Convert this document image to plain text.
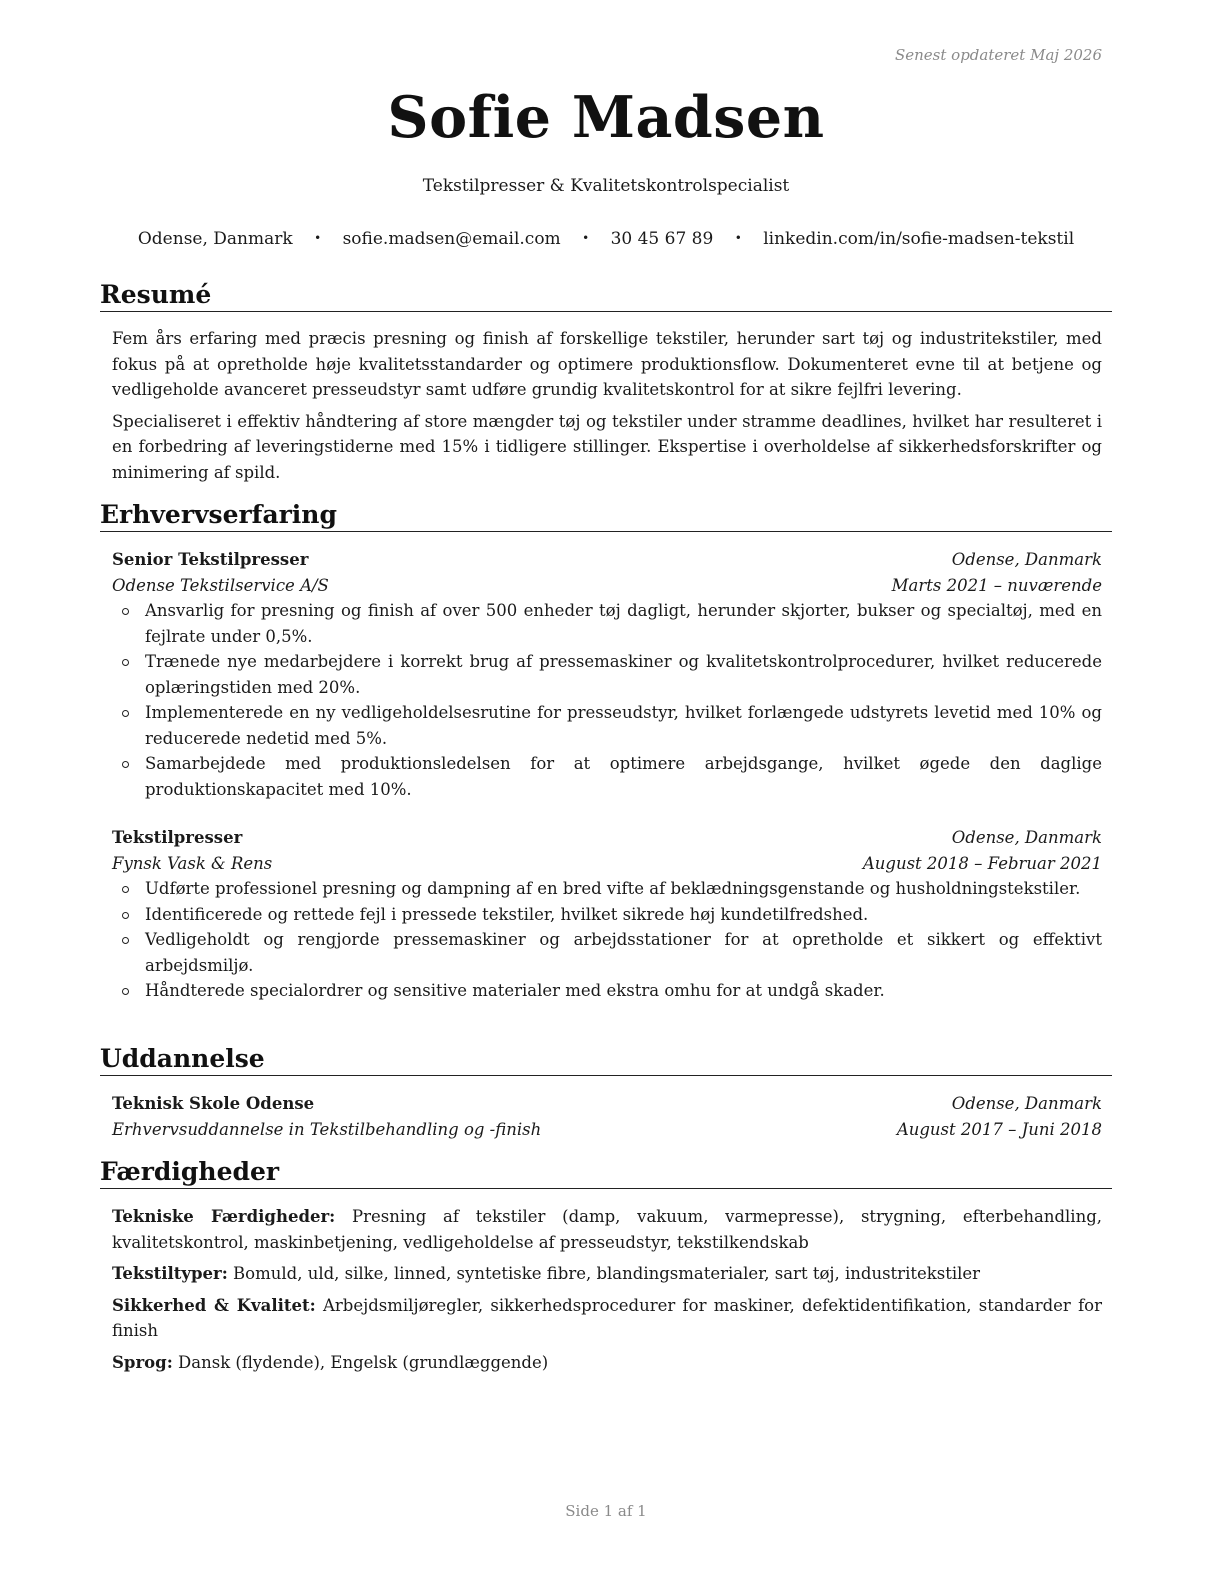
Senest opdateret Maj 2026
Sofie Madsen
Tekstilpresser & Kvalitetskontrolspecialist
Odense, Danmark • sofie.madsen@email.com • 30 45 67 89 • linkedin.com/in/sofie-madsen-tekstil
Resumé

Fem års erfaring med præcis presning og finish af forskellige tekstiler, herunder sart tøj og industritekstiler, med fokus på at opretholde høje kvalitetsstandarder og optimere produktionsflow. Dokumenteret evne til at betjene og vedligeholde avanceret presseudstyr samt udføre grundig kvalitetskontrol for at sikre fejlfri levering.

Specialiseret i effektiv håndtering af store mængder tøj og tekstiler under stramme deadlines, hvilket har resulteret i en forbedring af leveringstiderne med 15% i tidligere stillinger. Ekspertise i overholdelse af sikkerhedsforskrifter og minimering af spild.

Erhvervserfaring
Senior Tekstilpresser	Odense, Danmark
Odense Tekstilservice A/S	Marts 2021 – nuværende
Ansvarlig for presning og finish af over 500 enheder tøj dagligt, herunder skjorter, bukser og specialtøj, med en fejlrate under 0,5%.
Trænede nye medarbejdere i korrekt brug af pressemaskiner og kvalitetskontrolprocedurer, hvilket reducerede oplæringstiden med 20%.
Implementerede en ny vedligeholdelsesrutine for presseudstyr, hvilket forlængede udstyrets levetid med 10% og reducerede nedetid med 5%.
Samarbejdede med produktionsledelsen for at optimere arbejdsgange, hvilket øgede den daglige produktionskapacitet med 10%.
Tekstilpresser	Odense, Danmark
Fynsk Vask & Rens	August 2018 – Februar 2021
Udførte professionel presning og dampning af en bred vifte af beklædningsgenstande og husholdningstekstiler.
Identificerede og rettede fejl i pressede tekstiler, hvilket sikrede høj kundetilfredshed.
Vedligeholdt og rengjorde pressemaskiner og arbejdsstationer for at opretholde et sikkert og effektivt arbejdsmiljø.
Håndterede specialordrer og sensitive materialer med ekstra omhu for at undgå skader.
Uddannelse
Teknisk Skole Odense	Odense, Danmark
Erhvervsuddannelse in Tekstilbehandling og -finish	August 2017 – Juni 2018
Færdigheder

Tekniske Færdigheder: Presning af tekstiler (damp, vakuum, varmepresse), strygning, efterbehandling, kvalitetskontrol, maskinbetjening, vedligeholdelse af presseudstyr, tekstilkendskab

Tekstiltyper: Bomuld, uld, silke, linned, syntetiske fibre, blandingsmaterialer, sart tøj, industritekstiler

Sikkerhed & Kvalitet: Arbejdsmiljøregler, sikkerhedsprocedurer for maskiner, defektidentifikation, standarder for finish

Sprog: Dansk (flydende), Engelsk (grundlæggende)

Side 1 af 1
